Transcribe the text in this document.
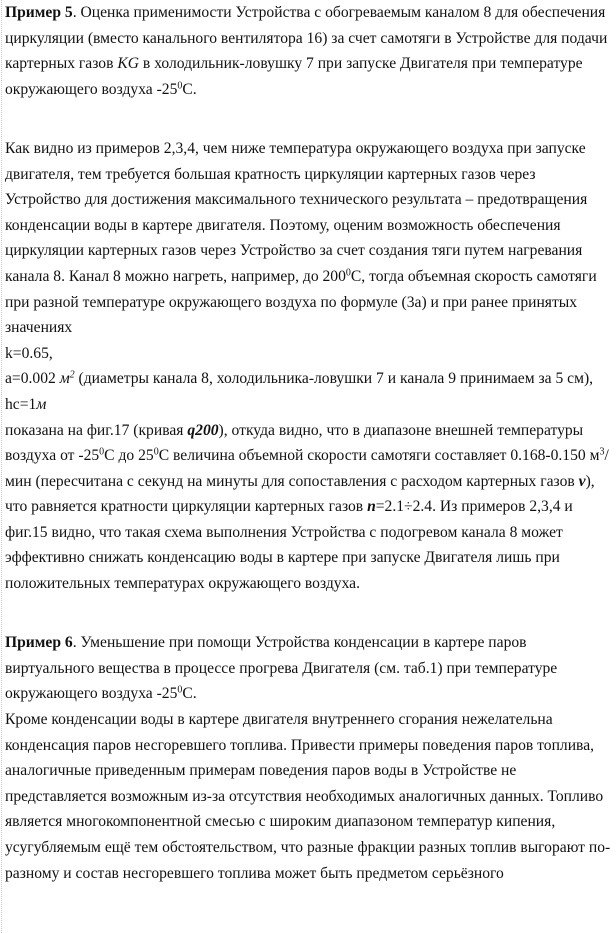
Пример 5. Оценка применимости Устройства с обогреваемым каналом 8 для обеспечения циркуляции (вместо канального вентилятора 16) за счет самотяги в Устройстве для подачи картерных газов KG в холодильник-ловушку 7 при запуске Двигателя при температуре окружающего воздуха $-25^0С$.

Как видно из примеров 2,3,4, чем ниже температура окружающего воздуха при запуске двигателя, тем требуется большая кратность циркуляции картерных газов через Устройство для достижения максимального технического результата – предотвращения конденсации воды в картере двигателя. Поэтому, оценим возможность обеспечения циркуляции картерных газов через Устройство за счет создания тяги путем нагревания канала 8. Канал 8 можно нагреть, например, до $200^0С$, тогда объемная скорость самотяги при разной температуре окружающего воздуха по формуле (3а) и при ранее принятых значениях

k=0.65,

а=0.002 $м^2$ (диаметры канала 8, холодильника-ловушки 7 и канала 9 принимаем за 5 см),

hc=1м

показана на фиг.17 (кривая q200), откуда видно, что в диапазоне внешней температуры воздуха от $-25^0С$ до $25^0С$ величина объемной скорости самотяги составляет 0.168-0.150 $м^3$/мин (пересчитана с секунд на минуты для сопоставления с расходом картерных газов v), что равняется кратности циркуляции картерных газов n=2.1÷2.4. Из примеров 2,3,4 и фиг.15 видно, что такая схема выполнения Устройства с подогревом канала 8 может эффективно снижать конденсацию воды в картере при запуске Двигателя лишь при положительных температурах окружающего воздуха.

Пример 6. Уменьшение при помощи Устройства конденсации в картере паров виртуального вещества в процессе прогрева Двигателя (см. таб.1) при температуре окружающего воздуха $-25^0С$.

Кроме конденсации воды в картере двигателя внутреннего сгорания нежелательна конденсация паров несгоревшего топлива. Привести примеры поведения паров топлива, аналогичные приведенным примерам поведения паров воды в Устройстве не представляется возможным из-за отсутствия необходимых аналогичных данных. Топливо является многокомпонентной смесью с широким диапазоном температур кипения, усугубляемым ещё тем обстоятельством, что разные фракции разных топлив выгорают по-разному и состав несгоревшего топлива может быть предметом серьёзного
